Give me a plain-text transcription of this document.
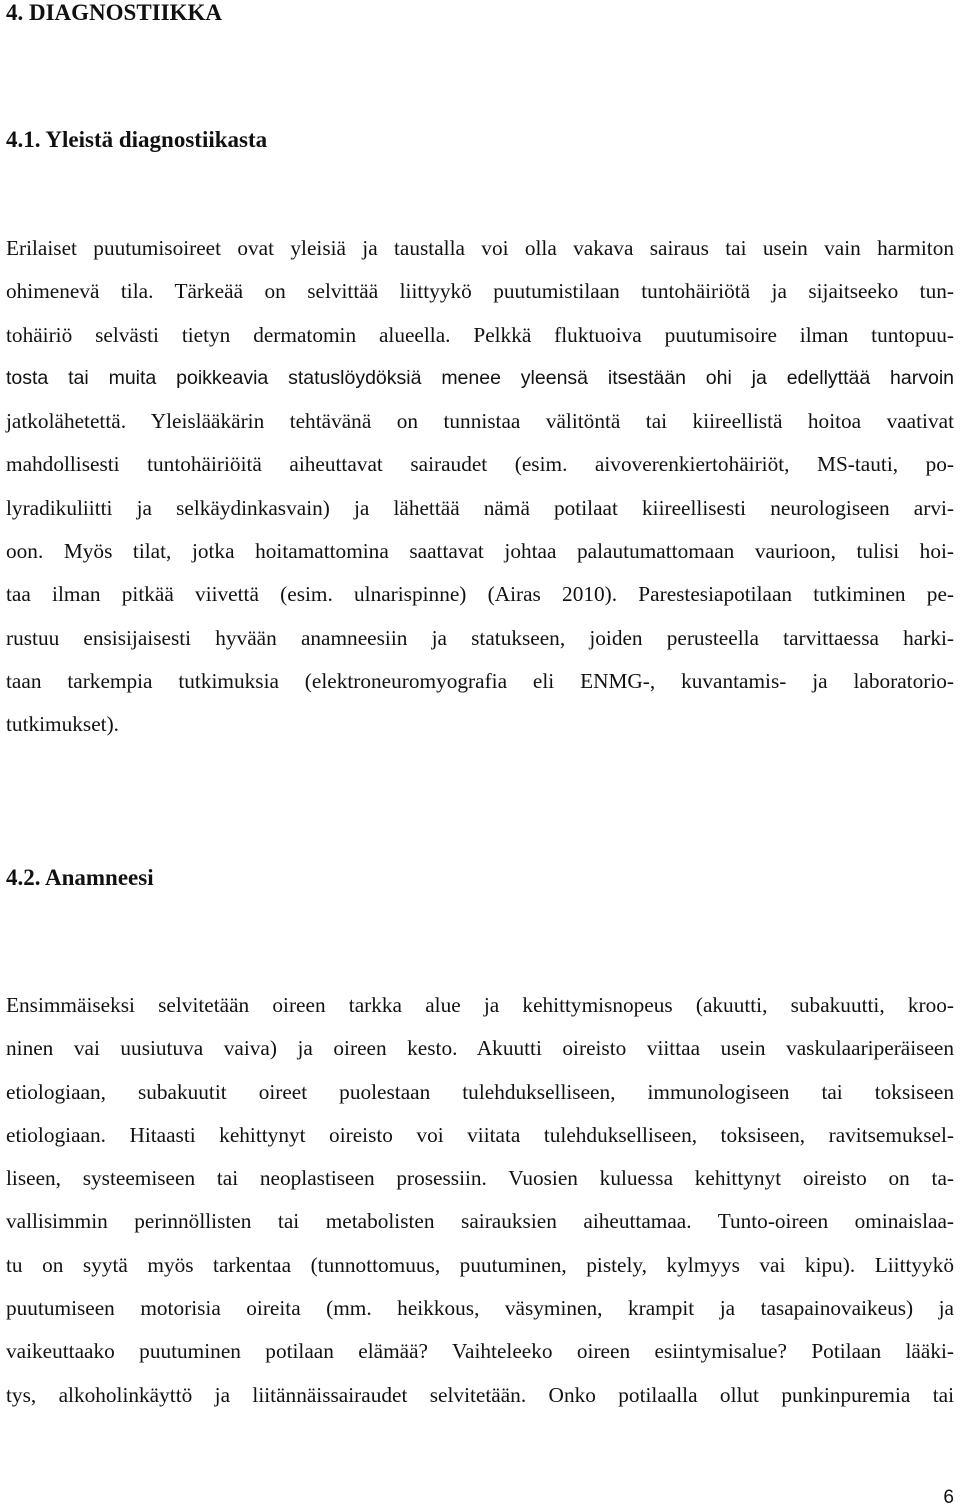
4. DIAGNOSTIIKKA
4.1. Yleistä diagnostiikasta
Erilaiset puutumisoireet ovat yleisiä ja taustalla voi olla vakava sairaus tai usein vain harmiton
ohimenevä tila. Tärkeää on selvittää liittyykö puutumistilaan tuntohäiriötä ja sijaitseeko tun-
tohäiriö selvästi tietyn dermatomin alueella. Pelkkä fluktuoiva puutumisoire ilman tuntopuu-
tosta tai muita poikkeavia statuslöydöksiä menee yleensä itsestään ohi ja edellyttää harvoin
jatkolähetettä. Yleislääkärin tehtävänä on tunnistaa välitöntä tai kiireellistä hoitoa vaativat
mahdollisesti tuntohäiriöitä aiheuttavat sairaudet (esim. aivoverenkiertohäiriöt, MS-tauti, po-
lyradikuliitti ja selkäydinkasvain) ja lähettää nämä potilaat kiireellisesti neurologiseen arvi-
oon. Myös tilat, jotka hoitamattomina saattavat johtaa palautumattomaan vaurioon, tulisi hoi-
taa ilman pitkää viivettä (esim. ulnarispinne) (Airas 2010). Parestesiapotilaan tutkiminen pe-
rustuu ensisijaisesti hyvään anamneesiin ja statukseen, joiden perusteella tarvittaessa harki-
taan tarkempia tutkimuksia (elektroneuromyografia eli ENMG-, kuvantamis- ja laboratorio-
tutkimukset).
4.2. Anamneesi
Ensimmäiseksi selvitetään oireen tarkka alue ja kehittymisnopeus (akuutti, subakuutti, kroo-
ninen vai uusiutuva vaiva) ja oireen kesto. Akuutti oireisto viittaa usein vaskulaariperäiseen
etiologiaan, subakuutit oireet puolestaan tulehdukselliseen, immunologiseen tai toksiseen
etiologiaan. Hitaasti kehittynyt oireisto voi viitata tulehdukselliseen, toksiseen, ravitsemuksel-
liseen, systeemiseen tai neoplastiseen prosessiin. Vuosien kuluessa kehittynyt oireisto on ta-
vallisimmin perinnöllisten tai metabolisten sairauksien aiheuttamaa. Tunto-oireen ominaislaa-
tu on syytä myös tarkentaa (tunnottomuus, puutuminen, pistely, kylmyys vai kipu). Liittyykö
puutumiseen motorisia oireita (mm. heikkous, väsyminen, krampit ja tasapainovaikeus) ja
vaikeuttaako puutuminen potilaan elämää? Vaihteleeko oireen esiintymisalue? Potilaan lääki-
tys, alkoholinkäyttö ja liitännäissairaudet selvitetään. Onko potilaalla ollut punkinpuremia tai
6
